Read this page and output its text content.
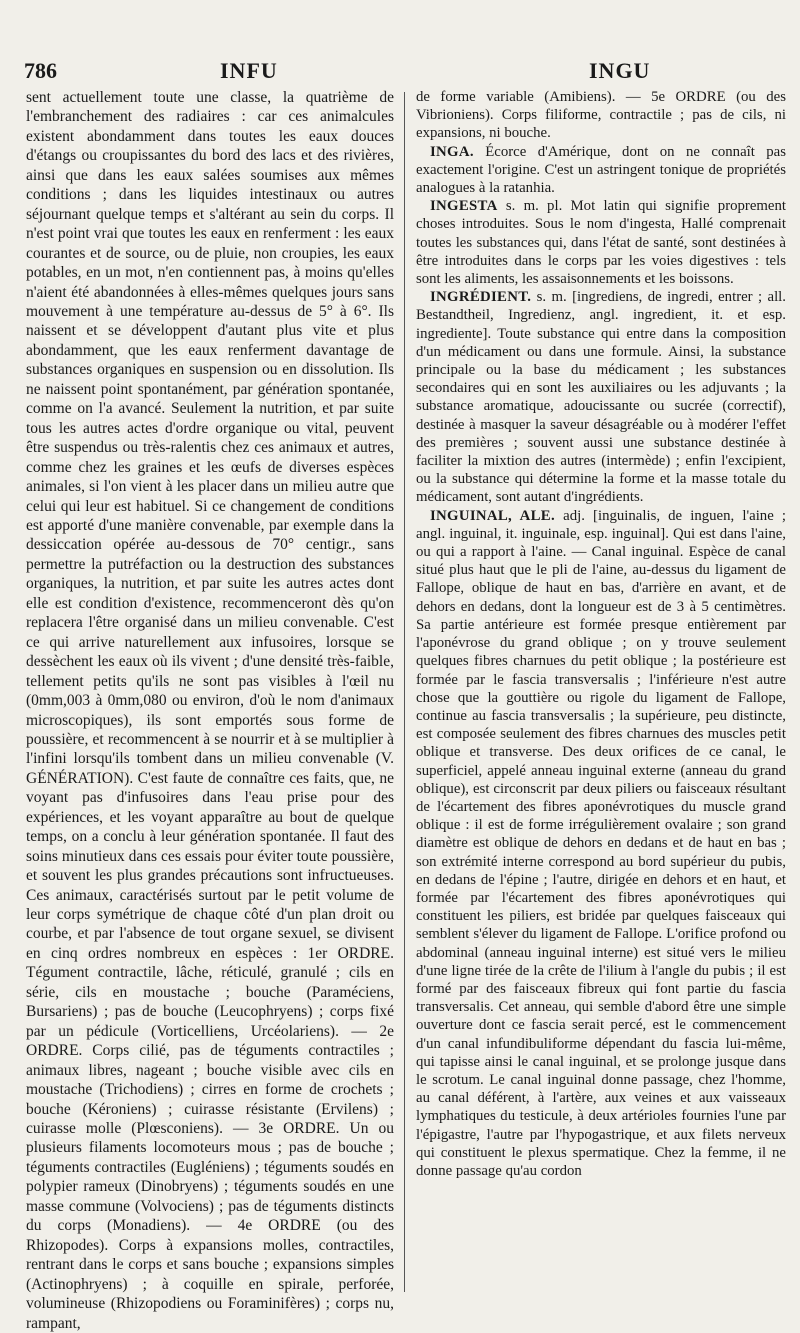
786	INFU	INGU

sent actuellement toute une classe, la quatrième de l'embranchement des radiaires : car ces animalcules existent abondamment dans toutes les eaux douces d'étangs ou croupissantes du bord des lacs et des rivières, ainsi que dans les eaux salées soumises aux mêmes conditions ; dans les liquides intestinaux ou autres séjournant quelque temps et s'altérant au sein du corps. Il n'est point vrai que toutes les eaux en renferment : les eaux courantes et de source, ou de pluie, non croupies, les eaux potables, en un mot, n'en contiennent pas, à moins qu'elles n'aient été abandonnées à elles-mêmes quelques jours sans mouvement à une température au-dessus de 5° à 6°. Ils naissent et se développent d'autant plus vite et plus abondamment, que les eaux renferment davantage de substances organiques en suspension ou en dissolution. Ils ne naissent point spontanément, par génération spontanée, comme on l'a avancé. Seulement la nutrition, et par suite tous les autres actes d'ordre organique ou vital, peuvent être suspendus ou très-ralentis chez ces animaux et autres, comme chez les graines et les œufs de diverses espèces animales, si l'on vient à les placer dans un milieu autre que celui qui leur est habituel. Si ce changement de conditions est apporté d'une manière convenable, par exemple dans la dessiccation opérée au-dessous de 70° centigr., sans permettre la putréfaction ou la destruction des substances organiques, la nutrition, et par suite les autres actes dont elle est condition d'existence, recommenceront dès qu'on replacera l'être organisé dans un milieu convenable. C'est ce qui arrive naturellement aux infusoires, lorsque se dessèchent les eaux où ils vivent ; d'une densité très-faible, tellement petits qu'ils ne sont pas visibles à l'œil nu (0mm,003 à 0mm,080 ou environ, d'où le nom d'animaux microscopiques), ils sont emportés sous forme de poussière, et recommencent à se nourrir et à se multiplier à l'infini lorsqu'ils tombent dans un milieu convenable (V. GÉNÉRATION). C'est faute de connaître ces faits, que, ne voyant pas d'infusoires dans l'eau prise pour des expériences, et les voyant apparaître au bout de quelque temps, on a conclu à leur génération spontanée. Il faut des soins minutieux dans ces essais pour éviter toute poussière, et souvent les plus grandes précautions sont infructueuses. Ces animaux, caractérisés surtout par le petit volume de leur corps symétrique de chaque côté d'un plan droit ou courbe, et par l'absence de tout organe sexuel, se divisent en cinq ordres nombreux en espèces : 1er ORDRE. Tégument contractile, lâche, réticulé, granulé ; cils en série, cils en moustache ; bouche (Paraméciens, Bursariens) ; pas de bouche (Leucophryens) ; corps fixé par un pédicule (Vorticelliens, Urcéolariens). — 2e ORDRE. Corps cilié, pas de téguments contractiles ; animaux libres, nageant ; bouche visible avec cils en moustache (Trichodiens) ; cirres en forme de crochets ; bouche (Kéroniens) ; cuirasse résistante (Ervilens) ; cuirasse molle (Plœsconiens). — 3e ORDRE. Un ou plusieurs filaments locomoteurs mous ; pas de bouche ; téguments contractiles (Eugléniens) ; téguments soudés en polypier rameux (Dinobryens) ; téguments soudés en une masse commune (Volvociens) ; pas de téguments distincts du corps (Monadiens). — 4e ORDRE (ou des Rhizopodes). Corps à expansions molles, contractiles, rentrant dans le corps et sans bouche ; expansions simples (Actinophryens) ; à coquille en spirale, perforée, volumineuse (Rhizopodiens ou Foraminifères) ; corps nu, rampant,

de forme variable (Amibiens). — 5e ORDRE (ou des Vibrioniens). Corps filiforme, contractile ; pas de cils, ni expansions, ni bouche.

INGA. Écorce d'Amérique, dont on ne connaît pas exactement l'origine. C'est un astringent tonique de propriétés analogues à la ratanhia.

INGESTA s. m. pl. Mot latin qui signifie proprement choses introduites. Sous le nom d'ingesta, Hallé comprenait toutes les substances qui, dans l'état de santé, sont destinées à être introduites dans le corps par les voies digestives : tels sont les aliments, les assaisonnements et les boissons.

INGRÉDIENT. s. m. [ingrediens, de ingredi, entrer ; all. Bestandtheil, Ingredienz, angl. ingredient, it. et esp. ingrediente]. Toute substance qui entre dans la composition d'un médicament ou dans une formule. Ainsi, la substance principale ou la base du médicament ; les substances secondaires qui en sont les auxiliaires ou les adjuvants ; la substance aromatique, adoucissante ou sucrée (correctif), destinée à masquer la saveur désagréable ou à modérer l'effet des premières ; souvent aussi une substance destinée à faciliter la mixtion des autres (intermède) ; enfin l'excipient, ou la substance qui détermine la forme et la masse totale du médicament, sont autant d'ingrédients.

INGUINAL, ALE. adj. [inguinalis, de inguen, l'aine ; angl. inguinal, it. inguinale, esp. inguinal]. Qui est dans l'aine, ou qui a rapport à l'aine. — Canal inguinal. Espèce de canal situé plus haut que le pli de l'aine, au-dessus du ligament de Fallope, oblique de haut en bas, d'arrière en avant, et de dehors en dedans, dont la longueur est de 3 à 5 centimètres. Sa partie antérieure est formée presque entièrement par l'aponévrose du grand oblique ; on y trouve seulement quelques fibres charnues du petit oblique ; la postérieure est formée par le fascia transversalis ; l'inférieure n'est autre chose que la gouttière ou rigole du ligament de Fallope, continue au fascia transversalis ; la supérieure, peu distincte, est composée seulement des fibres charnues des muscles petit oblique et transverse. Des deux orifices de ce canal, le superficiel, appelé anneau inguinal externe (anneau du grand oblique), est circonscrit par deux piliers ou faisceaux résultant de l'écartement des fibres aponévrotiques du muscle grand oblique : il est de forme irrégulièrement ovalaire ; son grand diamètre est oblique de dehors en dedans et de haut en bas ; son extrémité interne correspond au bord supérieur du pubis, en dedans de l'épine ; l'autre, dirigée en dehors et en haut, et formée par l'écartement des fibres aponévrotiques qui constituent les piliers, est bridée par quelques faisceaux qui semblent s'élever du ligament de Fallope. L'orifice profond ou abdominal (anneau inguinal interne) est situé vers le milieu d'une ligne tirée de la crête de l'ilium à l'angle du pubis ; il est formé par des faisceaux fibreux qui font partie du fascia transversalis. Cet anneau, qui semble d'abord être une simple ouverture dont ce fascia serait percé, est le commencement d'un canal infundibuliforme dépendant du fascia lui-même, qui tapisse ainsi le canal inguinal, et se prolonge jusque dans le scrotum. Le canal inguinal donne passage, chez l'homme, au canal déférent, à l'artère, aux veines et aux vaisseaux lymphatiques du testicule, à deux artérioles fournies l'une par l'épigastre, l'autre par l'hypogastrique, et aux filets nerveux qui constituent le plexus spermatique. Chez la femme, il ne donne passage qu'au cordon
